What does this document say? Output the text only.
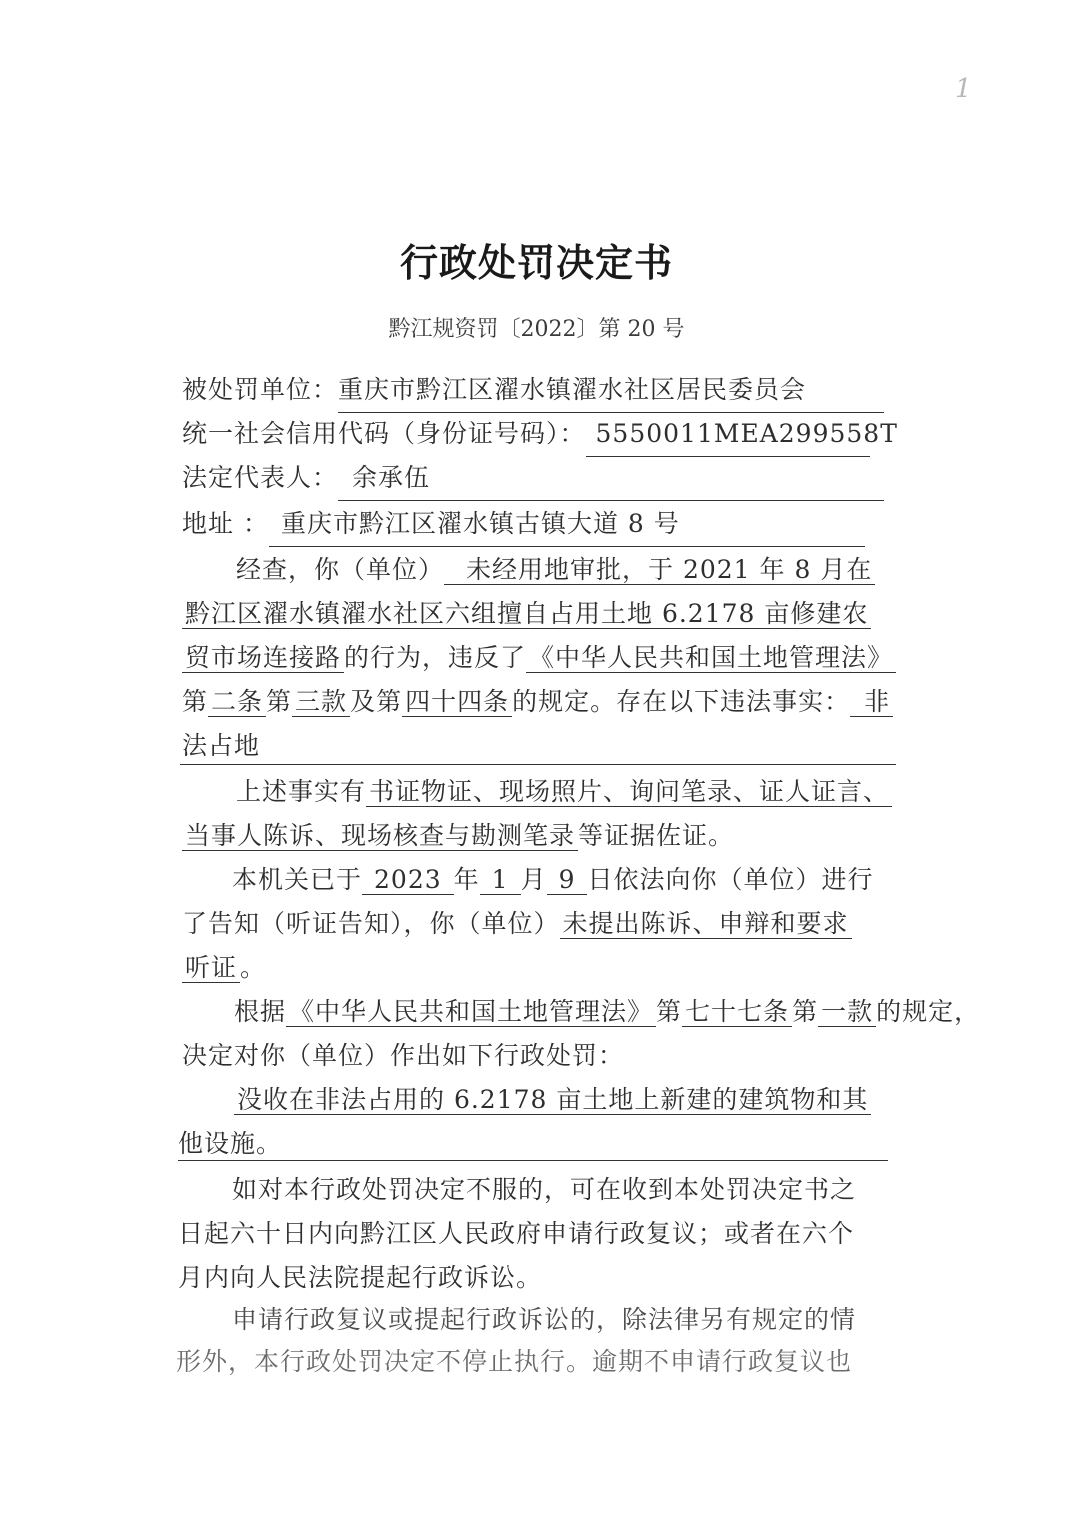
1
行政处罚决定书
黔江规资罚〔2022〕第 20 号
被处罚单位：重庆市黔江区濯水镇濯水社区居民委员会
统一社会信用代码（身份证号码）： 5550011MEA299558T
法定代表人： 余承伍
地址 ： 重庆市黔江区濯水镇古镇大道 8 号
经查，你（单位） 未经用地审批，于 2021 年 8 月在
黔江区濯水镇濯水社区六组擅自占用土地 6.2178 亩修建农
贸市场连接路 的行为，违反了 《中华人民共和国土地管理法》
第 二条 第 三款 及第 四十四条 的规定。存在以下违法事实： 非
法占地
上述事实有 书证物证、现场照片、询问笔录、证人证言、
当事人陈诉、现场核查与勘测笔录 等证据佐证。
本机关已于 2023 年 1 月 9 日依法向你（单位）进行
了告知（听证告知），你（单位） 未提出陈诉、申辩和要求
听证 。
根据 《中华人民共和国土地管理法》 第 七十七条 第 一款 的规定，
决定对你（单位）作出如下行政处罚：
没收在非法占用的 6.2178 亩土地上新建的建筑物和其
他设施。
如对本行政处罚决定不服的，可在收到本处罚决定书之
日起六十日内向黔江区人民政府申请行政复议；或者在六个
月内向人民法院提起行政诉讼。
申请行政复议或提起行政诉讼的，除法律另有规定的情
形外，本行政处罚决定不停止执行。逾期不申请行政复议也
